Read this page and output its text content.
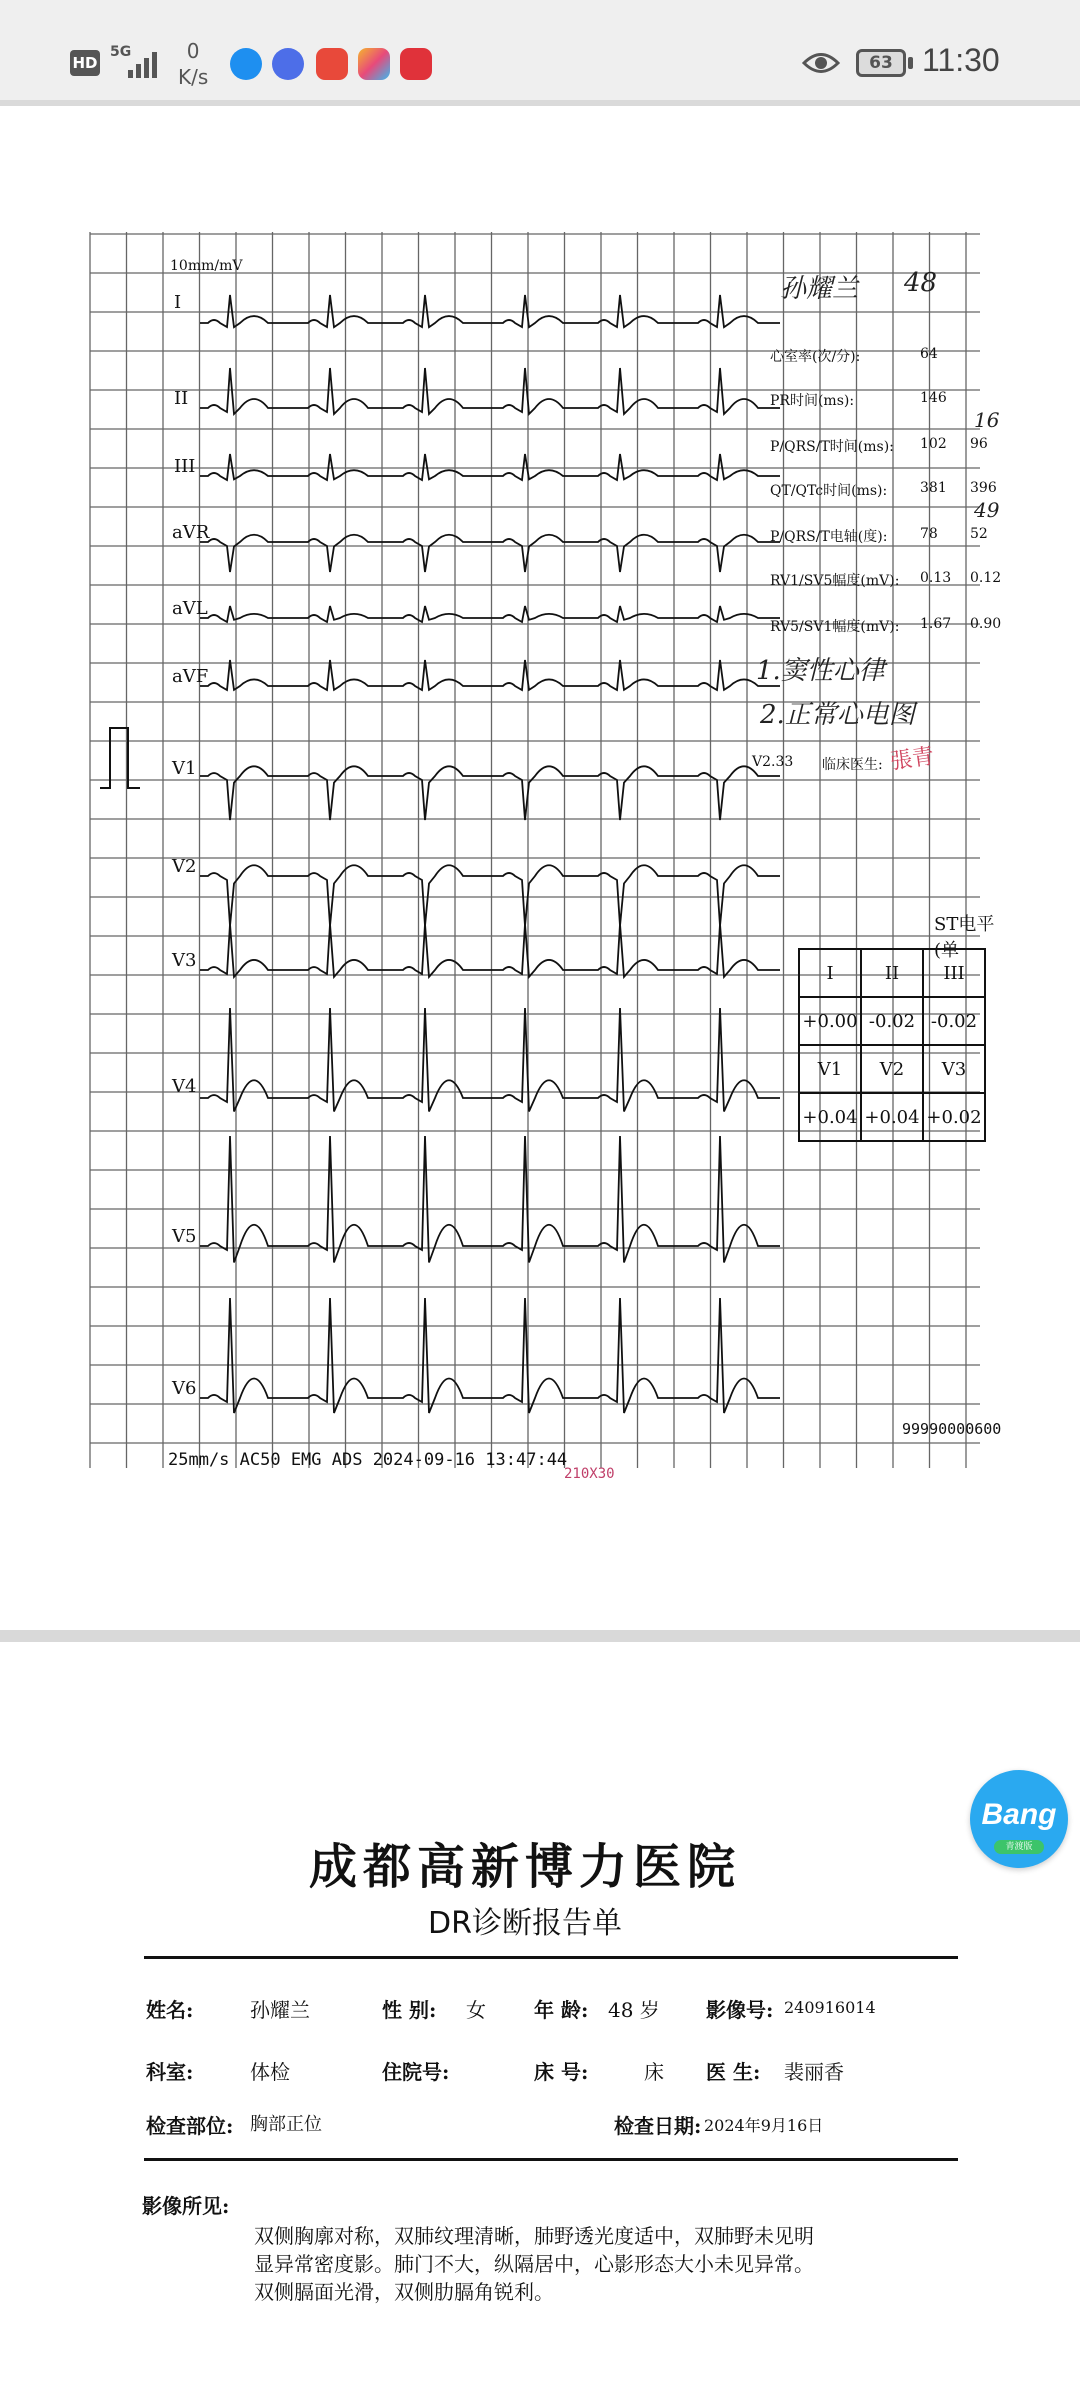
HD
5G	0
K/s
63 11:30
10mm/mV
I
II
III
aVR
aVL
aVF
V1
V2
V3
V4
V5
V6
孙耀兰 48
心室率(次/分):	64
PR时间(ms):	146
P/QRS/T时间(ms): 102 96
QT/QTc时间(ms): 381 396
P/QRS/T电轴(度): 78 52
RV1/SV5幅度(mV): 0.13 0.12
RV5/SV1幅度(mV): 1.67 0.90
16
49
1.窦性心律
2.正常心电图
V2.33 临床医生: 張青
ST电平(单
I	II	III
+0.00	-0.02	-0.02
V1	V2	V3
+0.04	+0.04	+0.02
25mm/s AC50 EMG ADS 2024-09-16 13:47:44
210X30
99990000600
成都高新博力医院
DR诊断报告单
姓名:	孙耀兰	性 别: 女 年 龄: 48 岁 影像号: 240916014
科室:	体检	住院号:	床 号:	床 医 生: 裴丽香
检查部位: 胸部正位	检查日期: 2024年9月16日
影像所见:

双侧胸廓对称，双肺纹理清晰，肺野透光度适中，双肺野未见明

显异常密度影。肺门不大，纵隔居中，心影形态大小未见异常。

双侧膈面光滑，双侧肋膈角锐利。

Bang
青渡版
